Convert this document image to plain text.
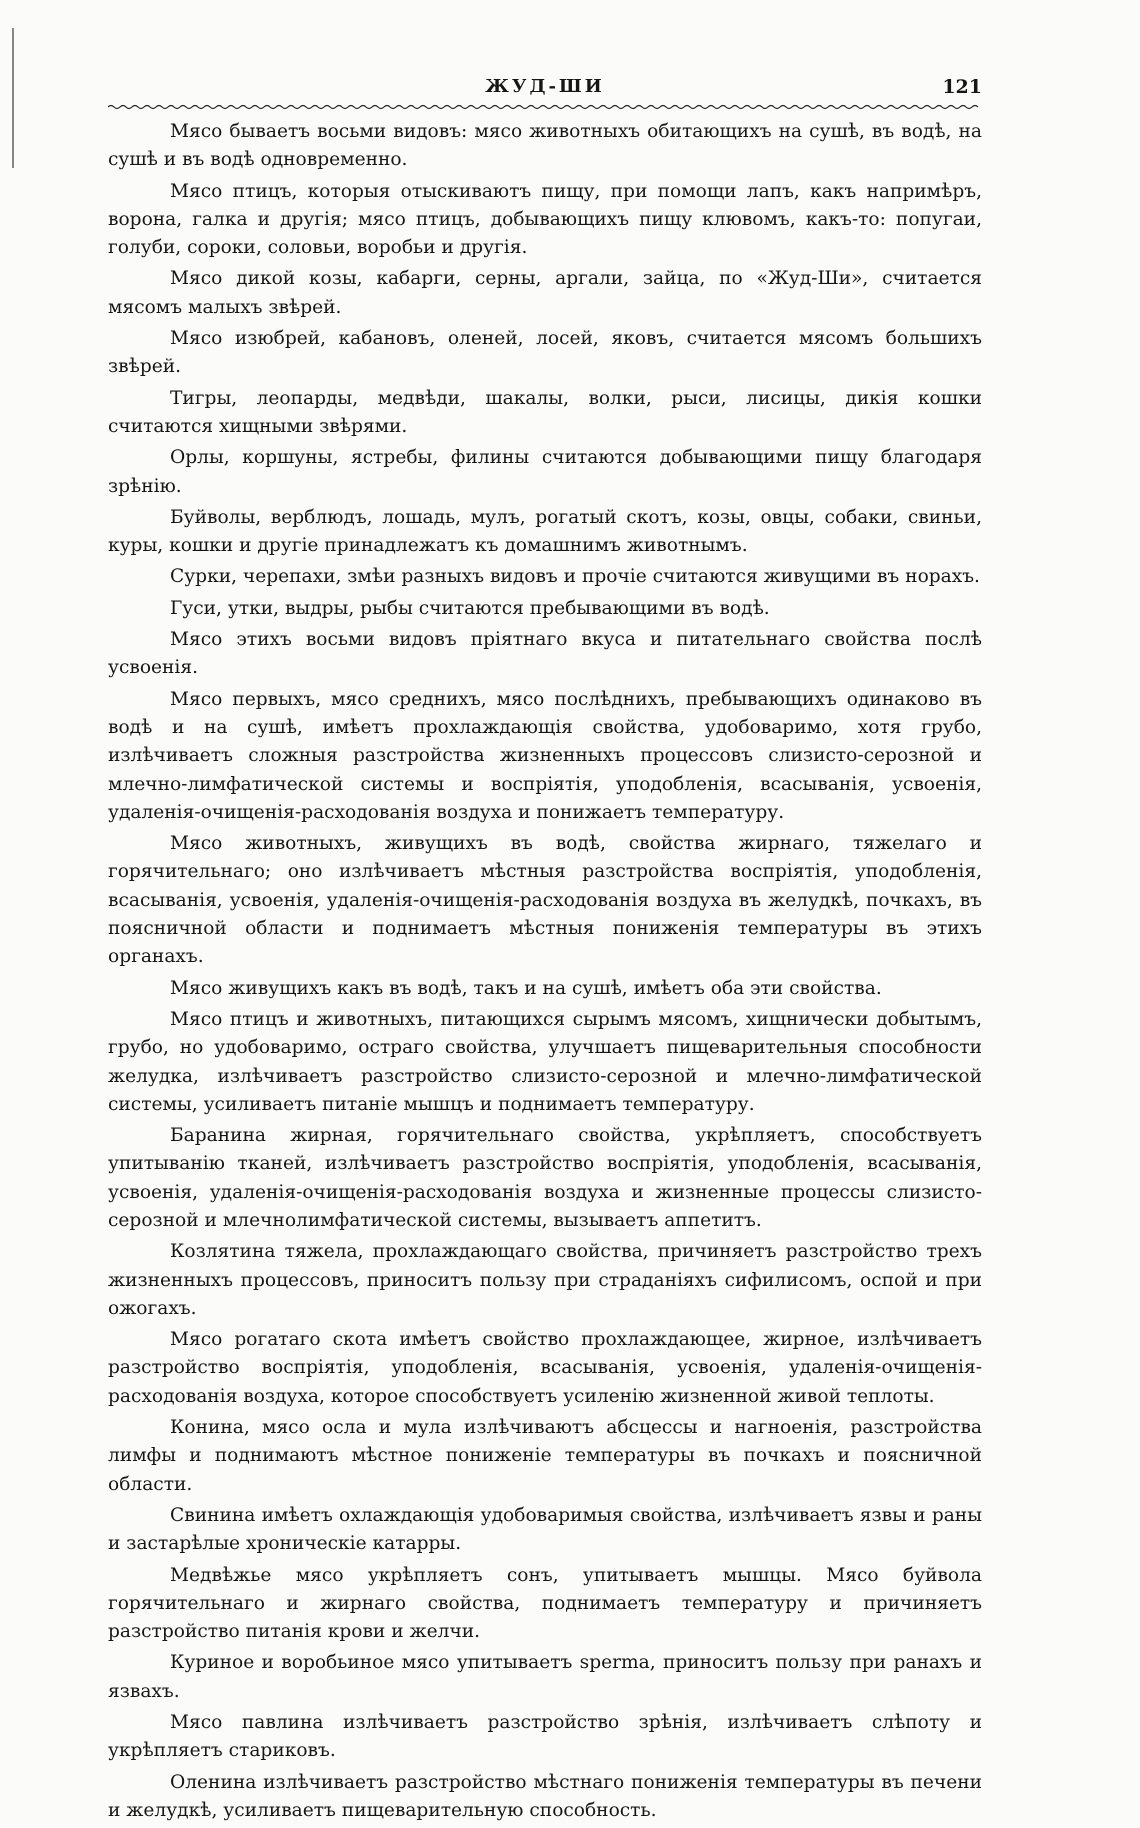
ЖУД-ШИ	121

Мясо бываетъ восьми видовъ: мясо животныхъ обитающихъ на сушѣ, въ водѣ, на сушѣ и въ водѣ одновременно.

Мясо птицъ, которыя отыскиваютъ пищу, при помощи лапъ, какъ напримѣръ, ворона, галка и другія; мясо птицъ, добывающихъ пищу клювомъ, какъ-то: попугаи, голуби, сороки, соловьи, воробьи и другія.

Мясо дикой козы, кабарги, серны, аргали, зайца, по «Жуд-Ши», считается мясомъ малыхъ звѣрей.

Мясо изюбрей, кабановъ, оленей, лосей, яковъ, считается мясомъ большихъ звѣрей.

Тигры, леопарды, медвѣди, шакалы, волки, рыси, лисицы, дикія кошки считаются хищными звѣрями.

Орлы, коршуны, ястребы, филины считаются добывающими пищу благодаря зрѣнію.

Буйволы, верблюдъ, лошадь, мулъ, рогатый скотъ, козы, овцы, собаки, свиньи, куры, кошки и другіе принадлежатъ къ домашнимъ животнымъ.

Сурки, черепахи, змѣи разныхъ видовъ и прочіе считаются живущими въ норахъ.

Гуси, утки, выдры, рыбы считаются пребывающими въ водѣ.

Мясо этихъ восьми видовъ пріятнаго вкуса и питательнаго свойства послѣ усвоенія.

Мясо первыхъ, мясо среднихъ, мясо послѣднихъ, пребывающихъ одинаково въ водѣ и на сушѣ, имѣетъ прохлаждающія свойства, удобоваримо, хотя грубо, излѣчиваетъ сложныя разстройства жизненныхъ процессовъ слизисто-серозной и млечно-лимфатической системы и воспріятія, уподобленія, всасыванія, усвоенія, удаленія-очищенія-расходованія воздуха и понижаетъ температуру.

Мясо животныхъ, живущихъ въ водѣ, свойства жирнаго, тяжелаго и горячительнаго; оно излѣчиваетъ мѣстныя разстройства воспріятія, уподобленія, всасыванія, усвоенія, удаленія-очищенія-расходованія воздуха въ желудкѣ, почкахъ, въ поясничной области и поднимаетъ мѣстныя пониженія температуры въ этихъ органахъ.

Мясо живущихъ какъ въ водѣ, такъ и на сушѣ, имѣетъ оба эти свойства.

Мясо птицъ и животныхъ, питающихся сырымъ мясомъ, хищнически добытымъ, грубо, но удобоваримо, остраго свойства, улучшаетъ пищеварительныя способности желудка, излѣчиваетъ разстройство слизисто-серозной и млечно-лимфатической системы, усиливаетъ питаніе мышцъ и поднимаетъ температуру.

Баранина жирная, горячительнаго свойства, укрѣпляетъ, способствуетъ упитыванію тканей, излѣчиваетъ разстройство воспріятія, уподобленія, всасыванія, усвоенія, удаленія-очищенія-расходованія воздуха и жизненные процессы слизисто-серозной и млечнолимфатической системы, вызываетъ аппетитъ.

Козлятина тяжела, прохлаждающаго свойства, причиняетъ разстройство трехъ жизненныхъ процессовъ, приноситъ пользу при страданіяхъ сифилисомъ, оспой и при ожогахъ.

Мясо рогатаго скота имѣетъ свойство прохлаждающее, жирное, излѣчиваетъ разстройство воспріятія, уподобленія, всасыванія, усвоенія, удаленія-очищенія-расходованія воздуха, которое способствуетъ усиленію жизненной живой теплоты.

Конина, мясо осла и мула излѣчиваютъ абсцессы и нагноенія, разстройства лимфы и поднимаютъ мѣстное пониженіе температуры въ почкахъ и поясничной области.

Свинина имѣетъ охлаждающія удобоваримыя свойства, излѣчиваетъ язвы и раны и застарѣлые хроническіе катарры.

Медвѣжье мясо укрѣпляетъ сонъ, упитываетъ мышцы. Мясо буйвола горячительнаго и жирнаго свойства, поднимаетъ температуру и причиняетъ разстройство питанія крови и желчи.

Куриное и воробьиное мясо упитываетъ sperma, приноситъ пользу при ранахъ и язвахъ.

Мясо павлина излѣчиваетъ разстройство зрѣнія, излѣчиваетъ слѣпоту и укрѣпляетъ стариковъ.

Оленина излѣчиваетъ разстройство мѣстнаго пониженія температуры въ печени и желудкѣ, усиливаетъ пищеварительную способность.
